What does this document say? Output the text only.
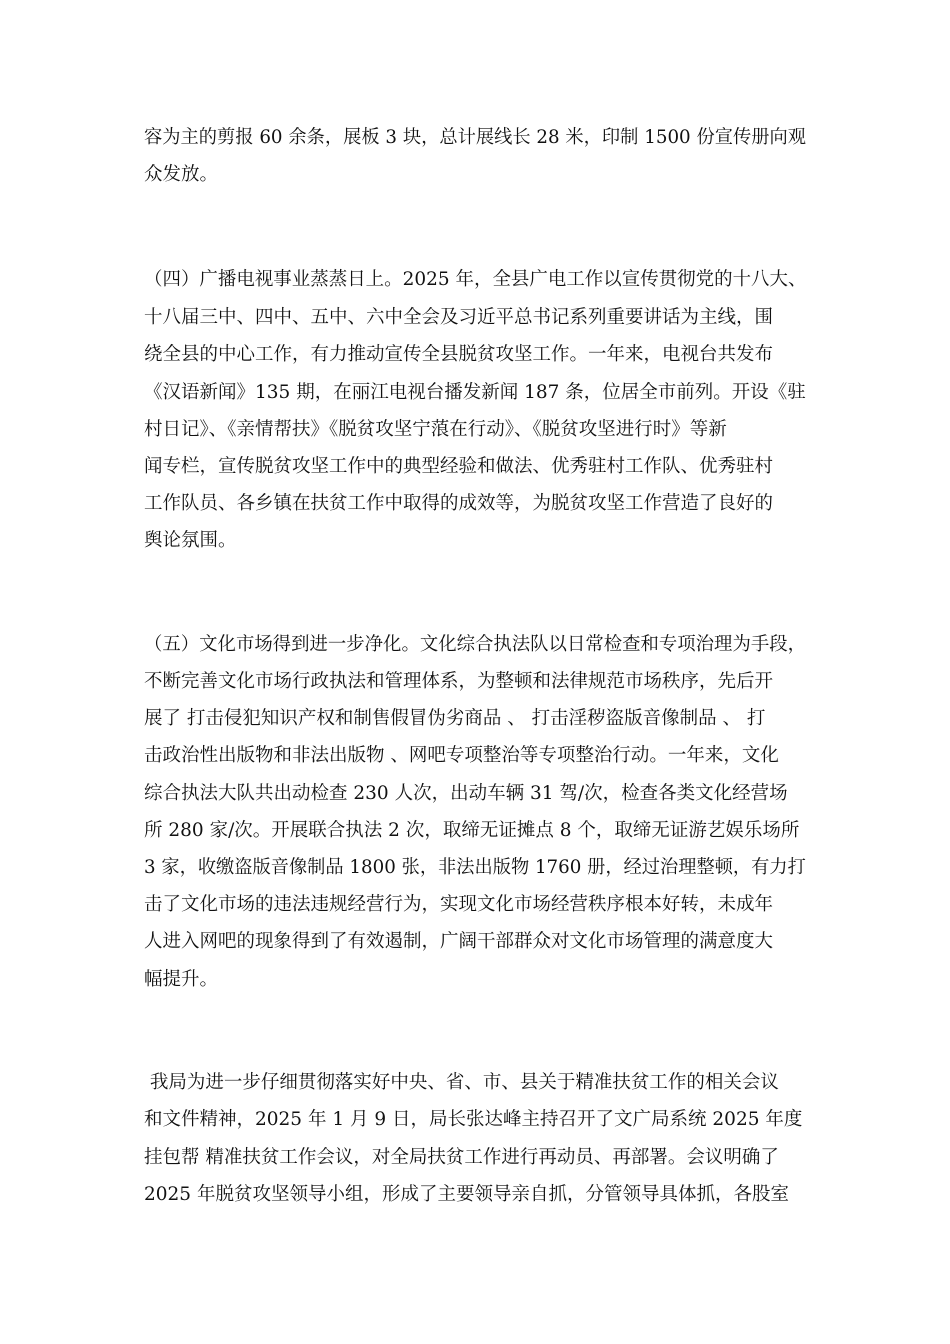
容为主的剪报 60 余条，展板 3 块，总计展线长 28 米，印制 1500 份宣传册向观
众发放。
（四）广播电视事业蒸蒸日上。2025 年，全县广电工作以宣传贯彻党的十八大、
十八届三中、四中、五中、六中全会及习近平总书记系列重要讲话为主线，围
绕全县的中心工作，有力推动宣传全县脱贫攻坚工作。一年来，电视台共发布
《汉语新闻》135 期，在丽江电视台播发新闻 187 条，位居全市前列。开设《驻
村日记》、《亲情帮扶》《脱贫攻坚宁蒗在行动》、《脱贫攻坚进行时》等新
闻专栏，宣传脱贫攻坚工作中的典型经验和做法、优秀驻村工作队、优秀驻村
工作队员、各乡镇在扶贫工作中取得的成效等，为脱贫攻坚工作营造了良好的
舆论氛围。
（五）文化市场得到进一步净化。文化综合执法队以日常检查和专项治理为手段，
不断完善文化市场行政执法和管理体系，为整顿和法律规范市场秩序，先后开
展了 打击侵犯知识产权和制售假冒伪劣商品 、 打击淫秽盗版音像制品 、 打
击政治性出版物和非法出版物 、网吧专项整治等专项整治行动。一年来，文化
综合执法大队共出动检查 230 人次，出动车辆 31 驾/次，检查各类文化经营场
所 280 家/次。开展联合执法 2 次，取缔无证摊点 8 个，取缔无证游艺娱乐场所
3 家，收缴盗版音像制品 1800 张，非法出版物 1760 册，经过治理整顿，有力打
击了文化市场的违法违规经营行为，实现文化市场经营秩序根本好转，未成年
人进入网吧的现象得到了有效遏制，广阔干部群众对文化市场管理的满意度大
幅提升。
我局为进一步仔细贯彻落实好中央、省、市、县关于精准扶贫工作的相关会议
和文件精神，2025 年 1 月 9 日，局长张达峰主持召开了文广局系统 2025 年度
挂包帮 精准扶贫工作会议，对全局扶贫工作进行再动员、再部署。会议明确了
2025 年脱贫攻坚领导小组，形成了主要领导亲自抓，分管领导具体抓，各股室
